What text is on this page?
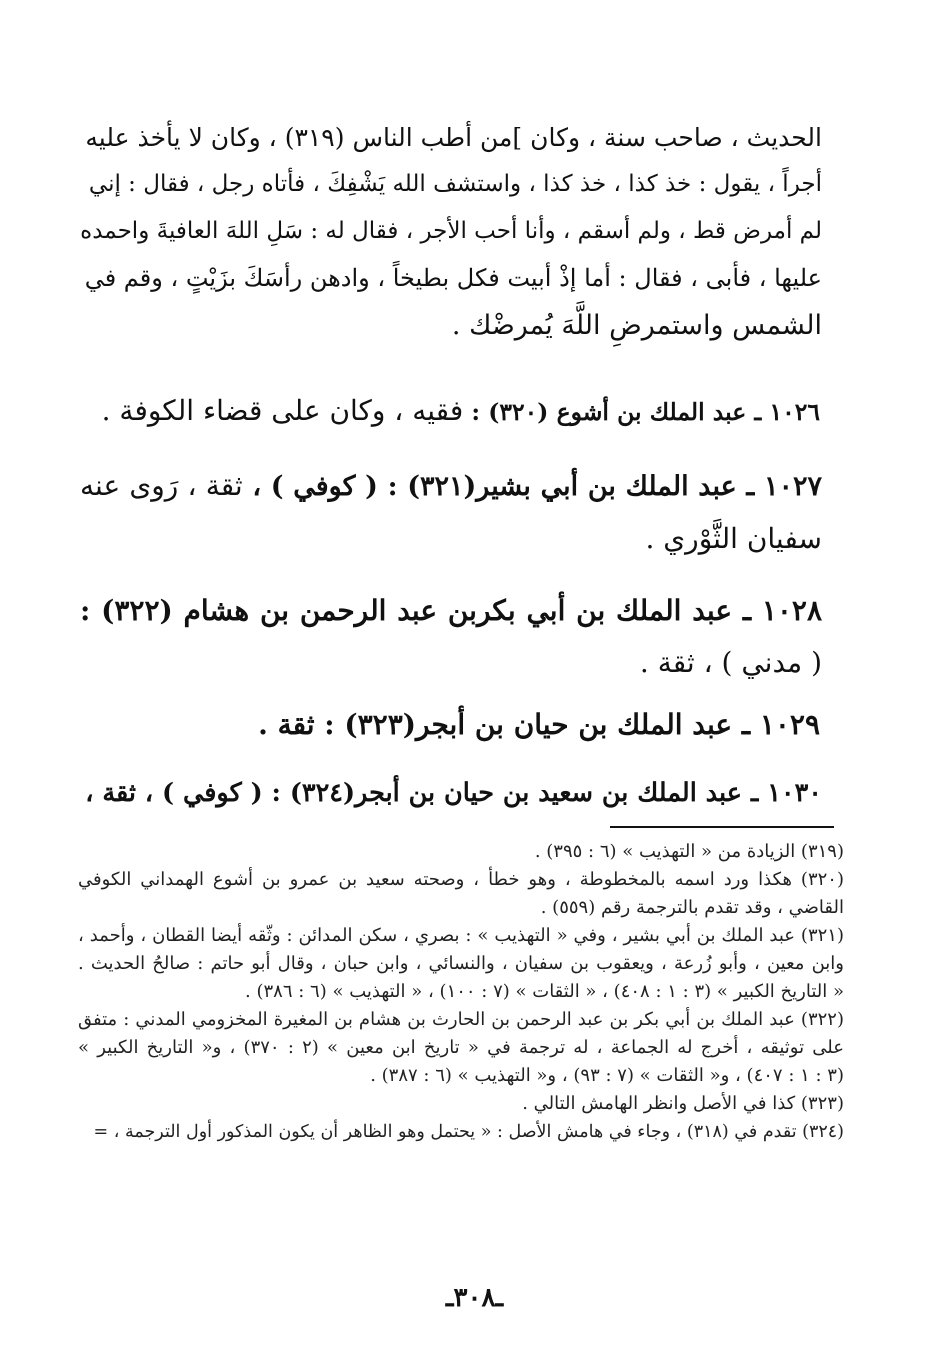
الحديث ، صاحب سنة ، وكان ]من أطب الناس (٣١٩) ، وكان لا يأخذ عليه
أجراً ، يقول : خذ كذا ، خذ كذا ، واستشف الله يَشْفِكَ ، فأتاه رجل ، فقال : إني
لم أمرض قط ، ولم أسقم ، وأنا أحب الأجر ، فقال له : سَلِ اللهَ العافيةَ واحمده
عليها ، فأبى ، فقال : أما إذْ أبيت فكل بطيخاً ، وادهن رأسَكَ بزَيْتٍ ، وقم في
الشمس واستمرضِ اللَّهَ يُمرضْك .
١٠٢٦ ـ عبد الملك بن أشوع (٣٢٠) : فقيه ، وكان على قضاء الكوفة .
١٠٢٧ ـ عبد الملك بن أبي بشير(٣٢١) : ( كوفي ) ، ثقة ، رَوى عنه
سفيان الثَّوْري .
١٠٢٨ ـ عبد الملك بن أبي بكربن عبد الرحمن بن هشام (٣٢٢) :
( مدني ) ، ثقة .
١٠٢٩ ـ عبد الملك بن حيان بن أبجر(٣٢٣) : ثقة .
١٠٣٠ ـ عبد الملك بن سعيد بن حيان بن أبجر(٣٢٤) : ( كوفي ) ، ثقة ،
(٣١٩) الزيادة من « التهذيب » (٦ : ٣٩٥) .
(٣٢٠) هكذا ورد اسمه بالمخطوطة ، وهو خطأ ، وصحته سعيد بن عمرو بن أشوع الهمداني الكوفي
القاضي ، وقد تقدم بالترجمة رقم (٥٥٩) .
(٣٢١) عبد الملك بن أبي بشير ، وفي « التهذيب » : بصري ، سكن المدائن : وثّقه أيضا القطان ، وأحمد ،
وابن معين ، وأبو زُرعة ، ويعقوب بن سفيان ، والنسائي ، وابن حبان ، وقال أبو حاتم : صالحُ الحديث .
« التاريخ الكبير » (٣ : ١ : ٤٠٨) ، « الثقات » (٧ : ١٠٠) ، « التهذيب » (٦ : ٣٨٦) .
(٣٢٢) عبد الملك بن أبي بكر بن عبد الرحمن بن الحارث بن هشام بن المغيرة المخزومي المدني : متفق
على توثيقه ، أخرج له الجماعة ، له ترجمة في « تاريخ ابن معين » (٢ : ٣٧٠) ، و« التاريخ الكبير »
(٣ : ١ : ٤٠٧) ، و« الثقات » (٧ : ٩٣) ، و« التهذيب » (٦ : ٣٨٧) .
(٣٢٣) كذا في الأصل وانظر الهامش التالي .
(٣٢٤) تقدم في (٣١٨) ، وجاء في هامش الأصل : « يحتمل وهو الظاهر أن يكون المذكور أول الترجمة ، =
ـ٣٠٨ـ
